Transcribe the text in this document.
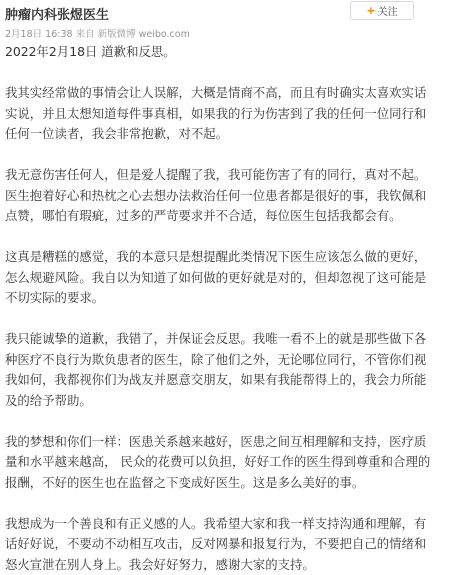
肿瘤内科张煜医生
2月18日 16:38 来自 新版微博 weibo.com
+ 关注

2022年2月18日 道歉和反思。

我其实经常做的事情会让人误解，大概是情商不高，而且有时确实太喜欢实话

实说，并且太想知道每件事真相，如果我的行为伤害到了我的任何一位同行和

任何一位读者，我会非常抱歉，对不起。

我无意伤害任何人，但是爱人提醒了我，我可能伤害了有的同行，真对不起。

医生抱着好心和热枕之心去想办法救治任何一位患者都是很好的事，我钦佩和

点赞，哪怕有瑕疵，过多的严苛要求并不合适，每位医生包括我都会有。

这真是糟糕的感觉，我的本意只是想提醒此类情况下医生应该怎么做的更好，

怎么规避风险。我自以为知道了如何做的更好就是对的，但却忽视了这可能是

不切实际的要求。

我只能诚挚的道歉，我错了，并保证会反思。我唯一看不上的就是那些做下各

种医疗不良行为欺负患者的医生，除了他们之外，无论哪位同行，不管你们视

我如何，我都视你们为战友并愿意交朋友，如果有我能帮得上的，我会力所能

及的给予帮助。

我的梦想和你们一样：医患关系越来越好，医患之间互相理解和支持，医疗质

量和水平越来越高， 民众的花费可以负担，好好工作的医生得到尊重和合理的

报酬，不好的医生也在监督之下变成好医生。这是多么美好的事。

我想成为一个善良和有正义感的人。我希望大家和我一样支持沟通和理解，有

话好好说，不要动不动相互攻击，反对网暴和报复行为，不要把自己的情绪和

怒火宣泄在别人身上。我会好好努力，感谢大家的支持。
